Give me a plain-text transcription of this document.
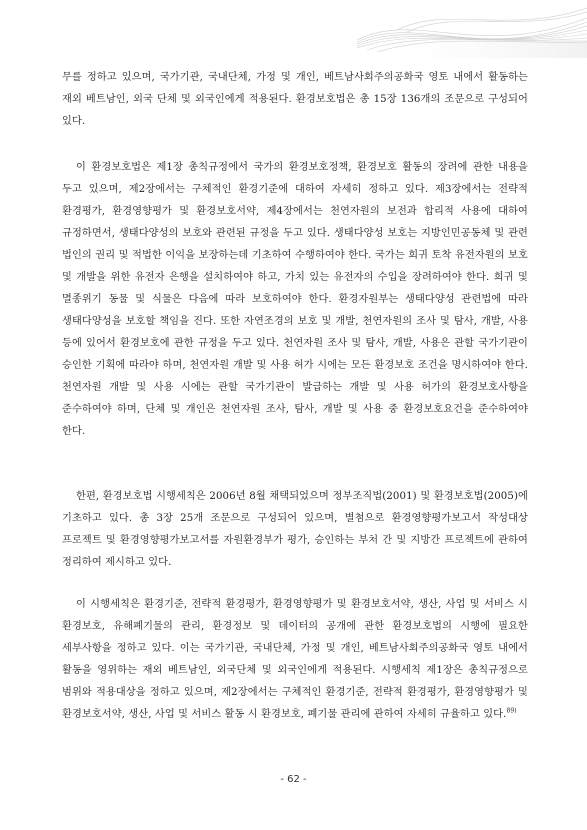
무를 정하고 있으며, 국가기관, 국내단체, 가정 및 개인, 베트남사회주의공화국 영토 내에서 활동하는 재외 베트남인, 외국 단체 및 외국인에게 적용된다. 환경보호법은 총 15장 136개의 조문으로 구성되어 있다.

이 환경보호법은 제1장 총칙규정에서 국가의 환경보호정책, 환경보호 활동의 장려에 관한 내용을 두고 있으며, 제2장에서는 구체적인 환경기준에 대하여 자세히 정하고 있다. 제3장에서는 전략적 환경평가, 환경영향평가 및 환경보호서약, 제4장에서는 천연자원의 보전과 합리적 사용에 대하여 규정하면서, 생태다양성의 보호와 관련된 규정을 두고 있다. 생태다양성 보호는 지방인민공동체 및 관련 법인의 권리 및 적법한 이익을 보장하는데 기초하여 수행하여야 한다. 국가는 희귀 토착 유전자원의 보호 및 개발을 위한 유전자 은행을 설치하여야 하고, 가치 있는 유전자의 수입을 장려하여야 한다. 희귀 및 멸종위기 동물 및 식물은 다음에 따라 보호하여야 한다. 환경자원부는 생태다양성 관련법에 따라 생태다양성을 보호할 책임을 진다. 또한 자연조경의 보호 및 개발, 천연자원의 조사 및 탐사, 개발, 사용 등에 있어서 환경보호에 관한 규정을 두고 있다. 천연자원 조사 및 탐사, 개발, 사용은 관할 국가기관이 승인한 기획에 따라야 하며, 천연자원 개발 및 사용 허가 시에는 모든 환경보호 조건을 명시하여야 한다. 천연자원 개발 및 사용 시에는 관할 국가기관이 발급하는 개발 및 사용 허가의 환경보호사항을 준수하여야 하며, 단체 및 개인은 천연자원 조사, 탐사, 개발 및 사용 중 환경보호요건을 준수하여야 한다.

한편, 환경보호법 시행세칙은 2006년 8월 채택되었으며 정부조직법(2001) 및 환경보호법(2005)에 기초하고 있다. 총 3장 25개 조문으로 구성되어 있으며, 별첨으로 환경영향평가보고서 작성대상 프로젝트 및 환경영향평가보고서를 자원환경부가 평가, 승인하는 부처 간 및 지방간 프로젝트에 관하여 정리하여 제시하고 있다.

이 시행세칙은 환경기준, 전략적 환경평가, 환경영향평가 및 환경보호서약, 생산, 사업 및 서비스 시 환경보호, 유해폐기물의 관리, 환경정보 및 데이터의 공개에 관한 환경보호법의 시행에 필요한 세부사항을 정하고 있다. 이는 국가기관, 국내단체, 가정 및 개인, 베트남사회주의공화국 영토 내에서 활동을 영위하는 재외 베트남인, 외국단체 및 외국인에게 적용된다. 시행세칙 제1장은 총칙규정으로 범위와 적용대상을 정하고 있으며, 제2장에서는 구체적인 환경기준, 전략적 환경평가, 환경영향평가 및 환경보호서약, 생산, 사업 및 서비스 활동 시 환경보호, 폐기물 관리에 관하여 자세히 규율하고 있다.$^{89)}$

- 62 -
